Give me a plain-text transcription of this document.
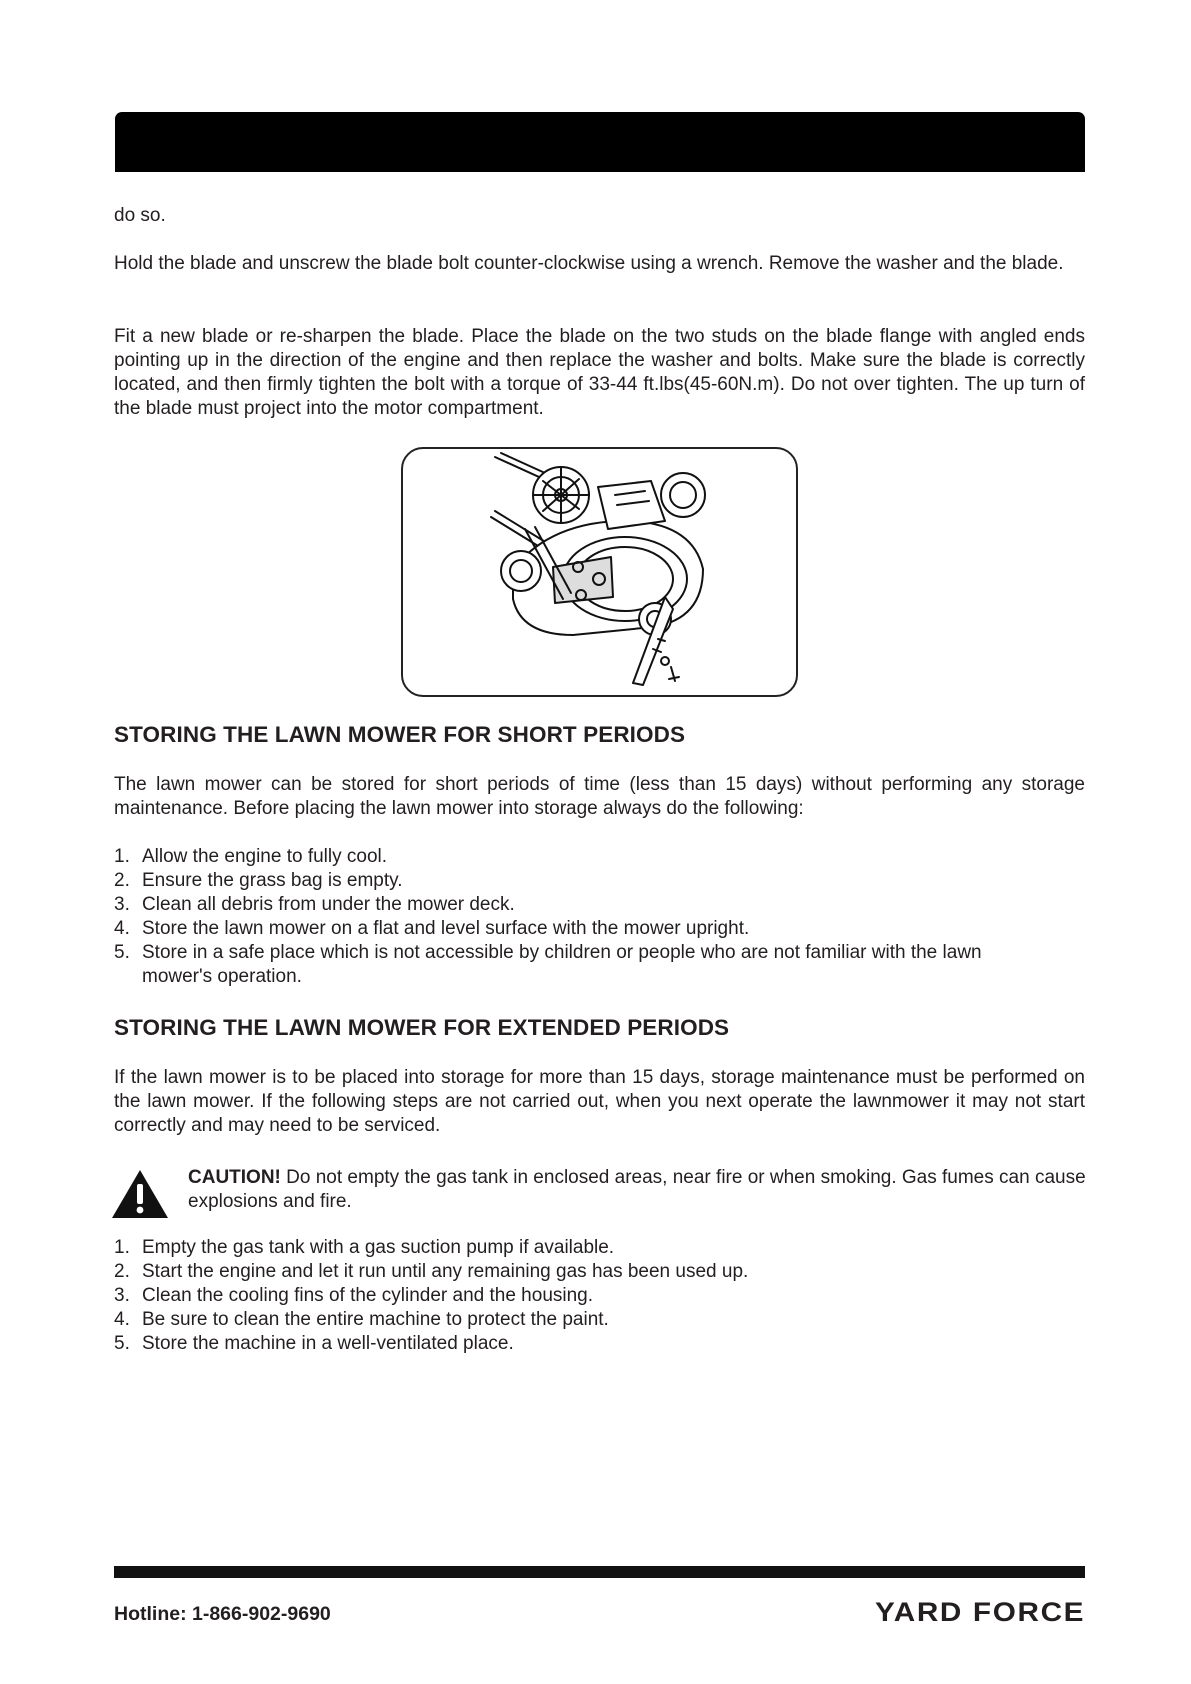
do so.

Hold the blade and unscrew the blade bolt counter-clockwise using a wrench. Remove the washer and the blade.

Fit a new blade or re-sharpen the blade. Place the blade on the two studs on the blade flange with angled ends pointing up in the direction of the engine and then replace the washer and bolts. Make sure the blade is correctly located, and then firmly tighten the bolt with a torque of 33-44 ft.lbs(45-60N.m). Do not over tighten. The up turn of the blade must project into the motor compartment.

STORING THE LAWN MOWER FOR SHORT PERIODS

The lawn mower can be stored for short periods of time (less than 15 days) without performing any storage maintenance. Before placing the lawn mower into storage always do the following:

1. Allow the engine to fully cool.
2. Ensure the grass bag is empty.
3. Clean all debris from under the mower deck.
4. Store the lawn mower on a flat and level surface with the mower upright.
5. Store in a safe place which is not accessible by children or people who are not familiar with the lawn mower's operation.
STORING THE LAWN MOWER FOR EXTENDED PERIODS

If the lawn mower is to be placed into storage for more than 15 days, storage maintenance must be performed on the lawn mower. If the following steps are not carried out, when you next operate the lawnmower it may not start correctly and may need to be serviced.

CAUTION! Do not empty the gas tank in enclosed areas, near fire or when smoking. Gas fumes can cause explosions and fire.

1. Empty the gas tank with a gas suction pump if available.
2. Start the engine and let it run until any remaining gas has been used up.
3. Clean the cooling fins of the cylinder and the housing.
4. Be sure to clean the entire machine to protect the paint.
5. Store the machine in a well-ventilated place.
Hotline: 1-866-902-9690	YARD FORCE
